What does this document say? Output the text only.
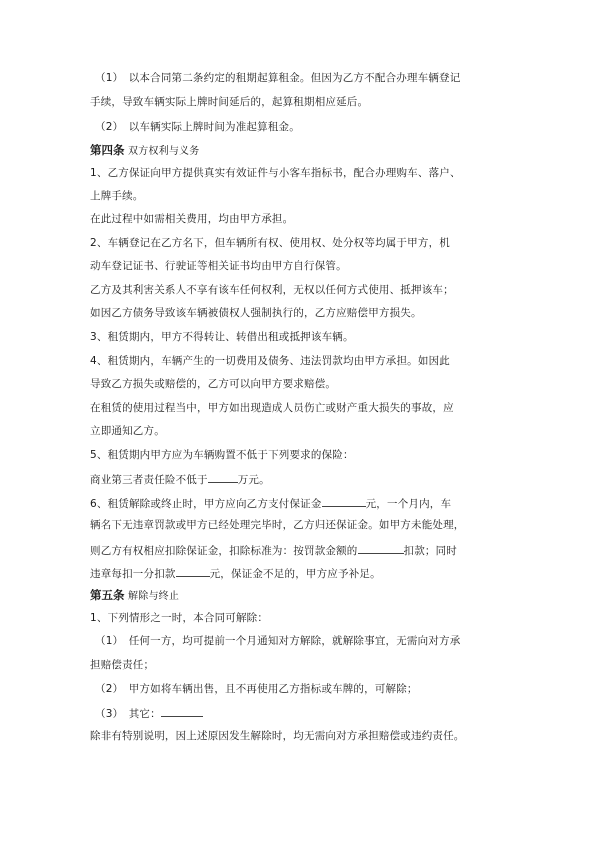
（1）　以本合同第二条约定的租期起算租金。但因为乙方不配合办理车辆登记
手续，导致车辆实际上牌时间延后的，起算租期相应延后。
（2）　以车辆实际上牌时间为准起算租金。
第四条 双方权利与义务
1、乙方保证向甲方提供真实有效证件与小客车指标书，配合办理购车、落户、
上牌手续。
在此过程中如需相关费用，均由甲方承担。
2、车辆登记在乙方名下，但车辆所有权、使用权、处分权等均属于甲方，机
动车登记证书、行驶证等相关证书均由甲方自行保管。
乙方及其利害关系人不享有该车任何权利，无权以任何方式使用、抵押该车；
如因乙方债务导致该车辆被债权人强制执行的，乙方应赔偿甲方损失。
3、租赁期内，甲方不得转让、转借出租或抵押该车辆。
4、租赁期内，车辆产生的一切费用及债务、违法罚款均由甲方承担。如因此
导致乙方损失或赔偿的，乙方可以向甲方要求赔偿。
在租赁的使用过程当中，甲方如出现造成人员伤亡或财产重大损失的事故，应
立即通知乙方。
5、租赁期内甲方应为车辆购置不低于下列要求的保险：
商业第三者责任险不低于	万元。
6、租赁解除或终止时，甲方应向乙方支付保证金	元，一个月内，车
辆名下无违章罚款或甲方已经处理完毕时，乙方归还保证金。如甲方未能处理，
则乙方有权相应扣除保证金，扣除标准为：按罚款金额的	扣款；同时
违章每扣一分扣款	元，保证金不足的，甲方应予补足。
第五条 解除与终止
1、下列情形之一时，本合同可解除：
（1）　任何一方，均可提前一个月通知对方解除，就解除事宜，无需向对方承
担赔偿责任；
（2）　甲方如将车辆出售，且不再使用乙方指标或车牌的，可解除；
（3）　其它：
除非有特别说明，因上述原因发生解除时，均无需向对方承担赔偿或违约责任。
